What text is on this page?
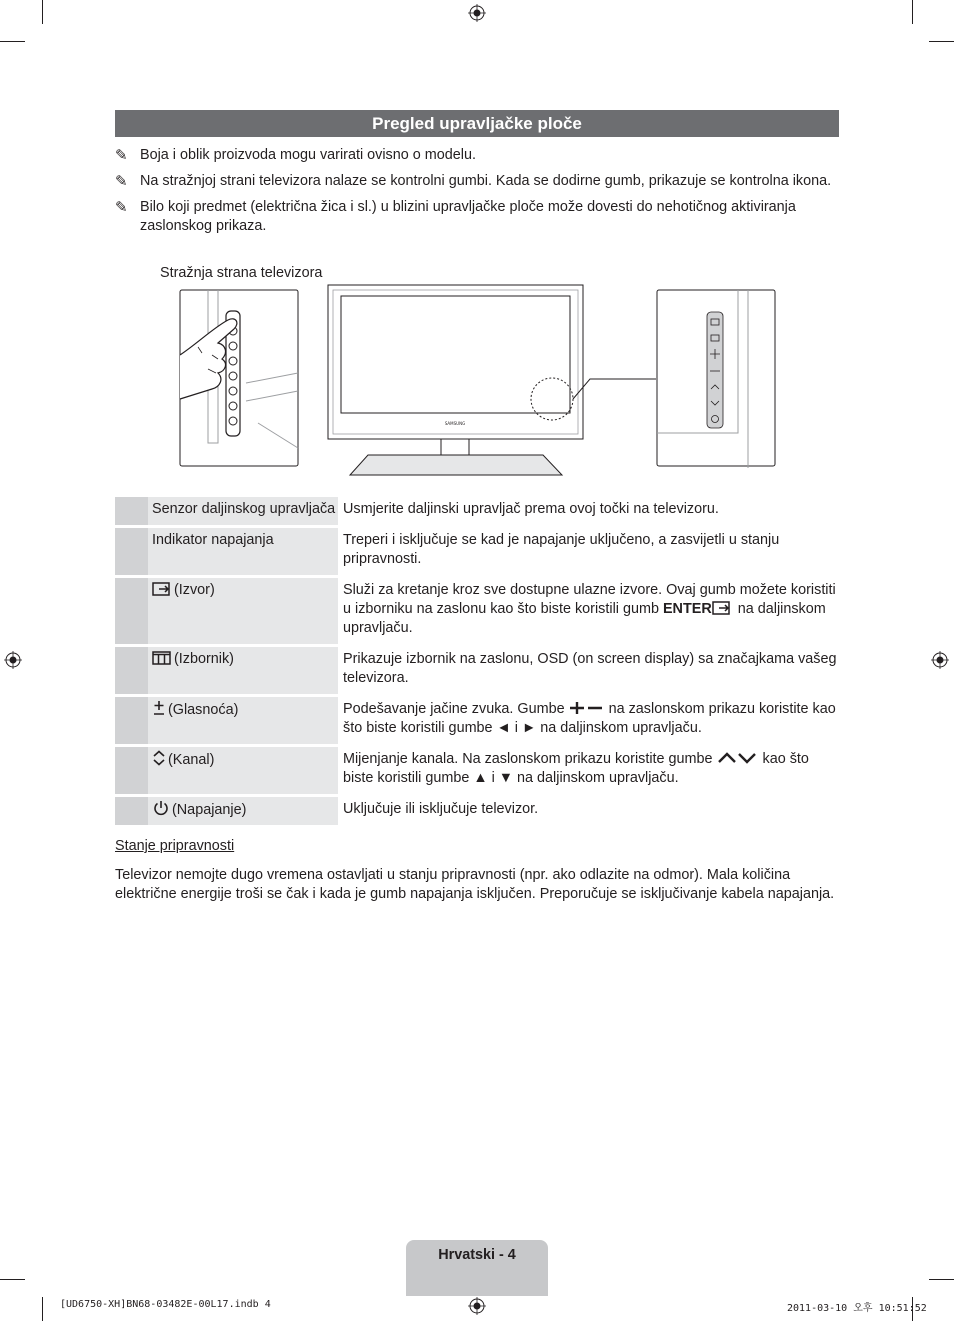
Pregled upravljačke ploče
✎ Boja i oblik proizvoda mogu varirati ovisno o modelu.
✎ Na stražnjoj strani televizora nalaze se kontrolni gumbi. Kada se dodirne gumb, prikazuje se kontrolna ikona.
✎ Bilo koji predmet (električna žica i sl.) u blizini upravljačke ploče može dovesti do nehotičnog aktiviranja zaslonskog prikaza.
Stražnja strana televizora
SAMSUNG
Senzor daljinskog upravljača Usmjerite daljinski upravljač prema ovoj točki na televizoru.
Indikator napajanja	Treperi i isključuje se kad je napajanje uključeno, a zasvijetli u stanju pripravnosti.
(Izvor)	Služi za kretanje kroz sve dostupne ulazne izvore. Ovaj gumb možete koristiti u izborniku na zaslonu kao što biste koristili gumb ENTER na daljinskom upravljaču.
(Izbornik)	Prikazuje izbornik na zaslonu, OSD (on screen display) sa značajkama vašeg televizora.
(Glasnoća)	Podešavanje jačine zvuka. Gumbe	na zaslonskom prikazu koristite kao što biste koristili gumbe ◄ i ► na daljinskom upravljaču.
(Kanal)	Mijenjanje kanala. Na zaslonskom prikazu koristite gumbe	kao što biste koristili gumbe ▲ i ▼ na daljinskom upravljaču.
(Napajanje)	Uključuje ili isključuje televizor.
Stanje pripravnosti
Televizor nemojte dugo vremena ostavljati u stanju pripravnosti (npr. ako odlazite na odmor). Mala količina električne energije troši se čak i kada je gumb napajanja isključen. Preporučuje se isključivanje kabela napajanja.
Hrvatski - 4
[UD6750-XH]BN68-03482E-00L17.indb 4	2011-03-10 오후 10:51:52
